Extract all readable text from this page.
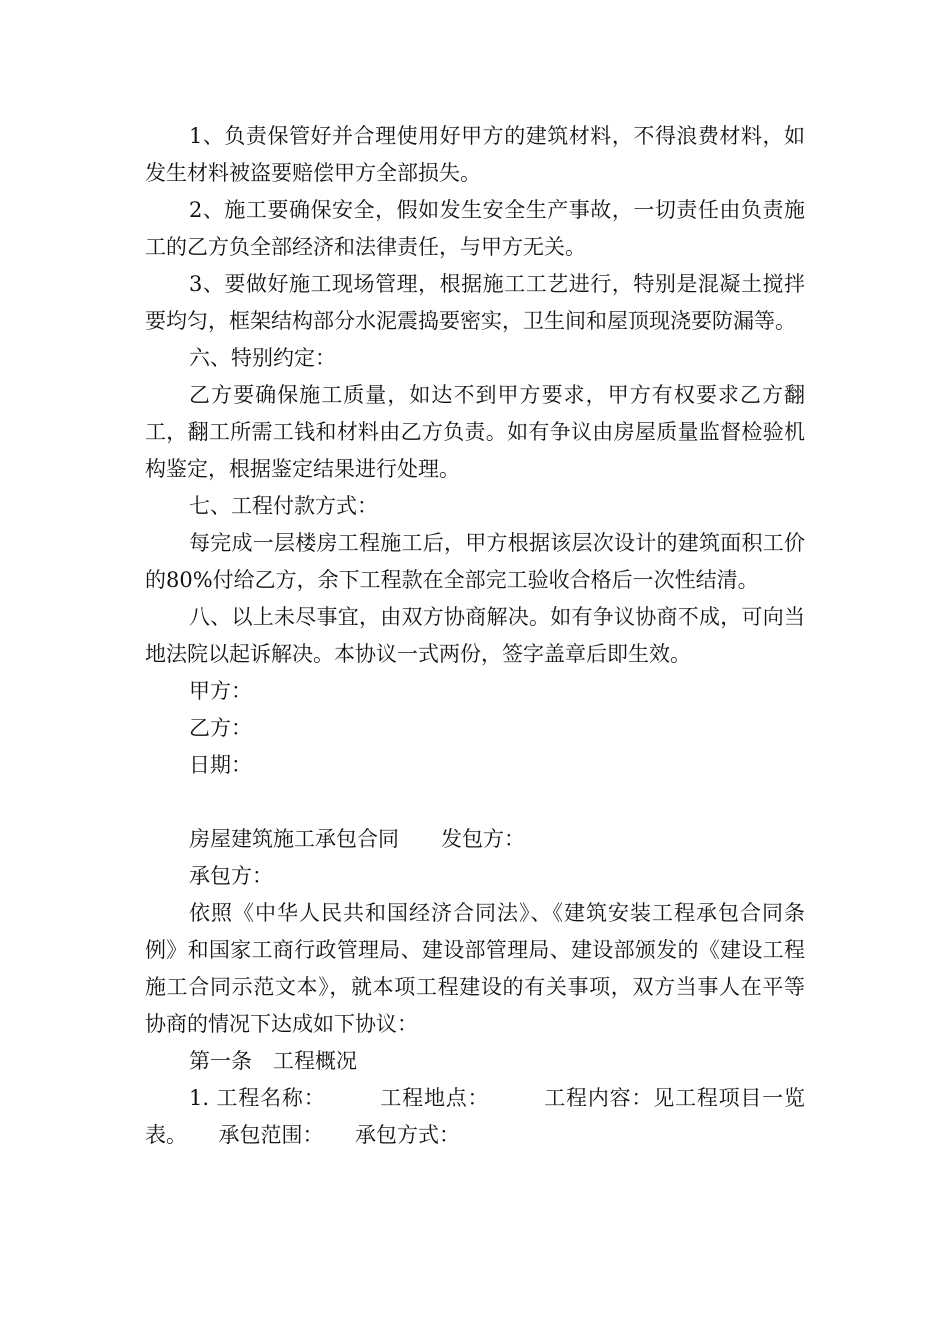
1、负责保管好并合理使用好甲方的建筑材料，不得浪费材料，如发生材料被盗要赔偿甲方全部损失。

2、施工要确保安全，假如发生安全生产事故，一切责任由负责施工的乙方负全部经济和法律责任，与甲方无关。

3、要做好施工现场管理，根据施工工艺进行，特别是混凝土搅拌要均匀，框架结构部分水泥震捣要密实，卫生间和屋顶现浇要防漏等。

六、特别约定：

乙方要确保施工质量，如达不到甲方要求，甲方有权要求乙方翻工，翻工所需工钱和材料由乙方负责。如有争议由房屋质量监督检验机构鉴定，根据鉴定结果进行处理。

七、工程付款方式：

每完成一层楼房工程施工后，甲方根据该层次设计的建筑面积工价的80%付给乙方，余下工程款在全部完工验收合格后一次性结清。

八、以上未尽事宜，由双方协商解决。如有争议协商不成，可向当地法院以起诉解决。本协议一式两份，签字盖章后即生效。

甲方：

乙方：

日期：

房屋建筑施工承包合同　　发包方：

承包方：

依照《中华人民共和国经济合同法》、《建筑安装工程承包合同条例》和国家工商行政管理局、建设部管理局、建设部颁发的《建设工程施工合同示范文本》，就本项工程建设的有关事项，双方当事人在平等协商的情况下达成如下协议：

第一条　工程概况

1. 工程名称：　　　工程地点：　　　工程内容：见工程项目一览表。　　承包范围：　　承包方式：
